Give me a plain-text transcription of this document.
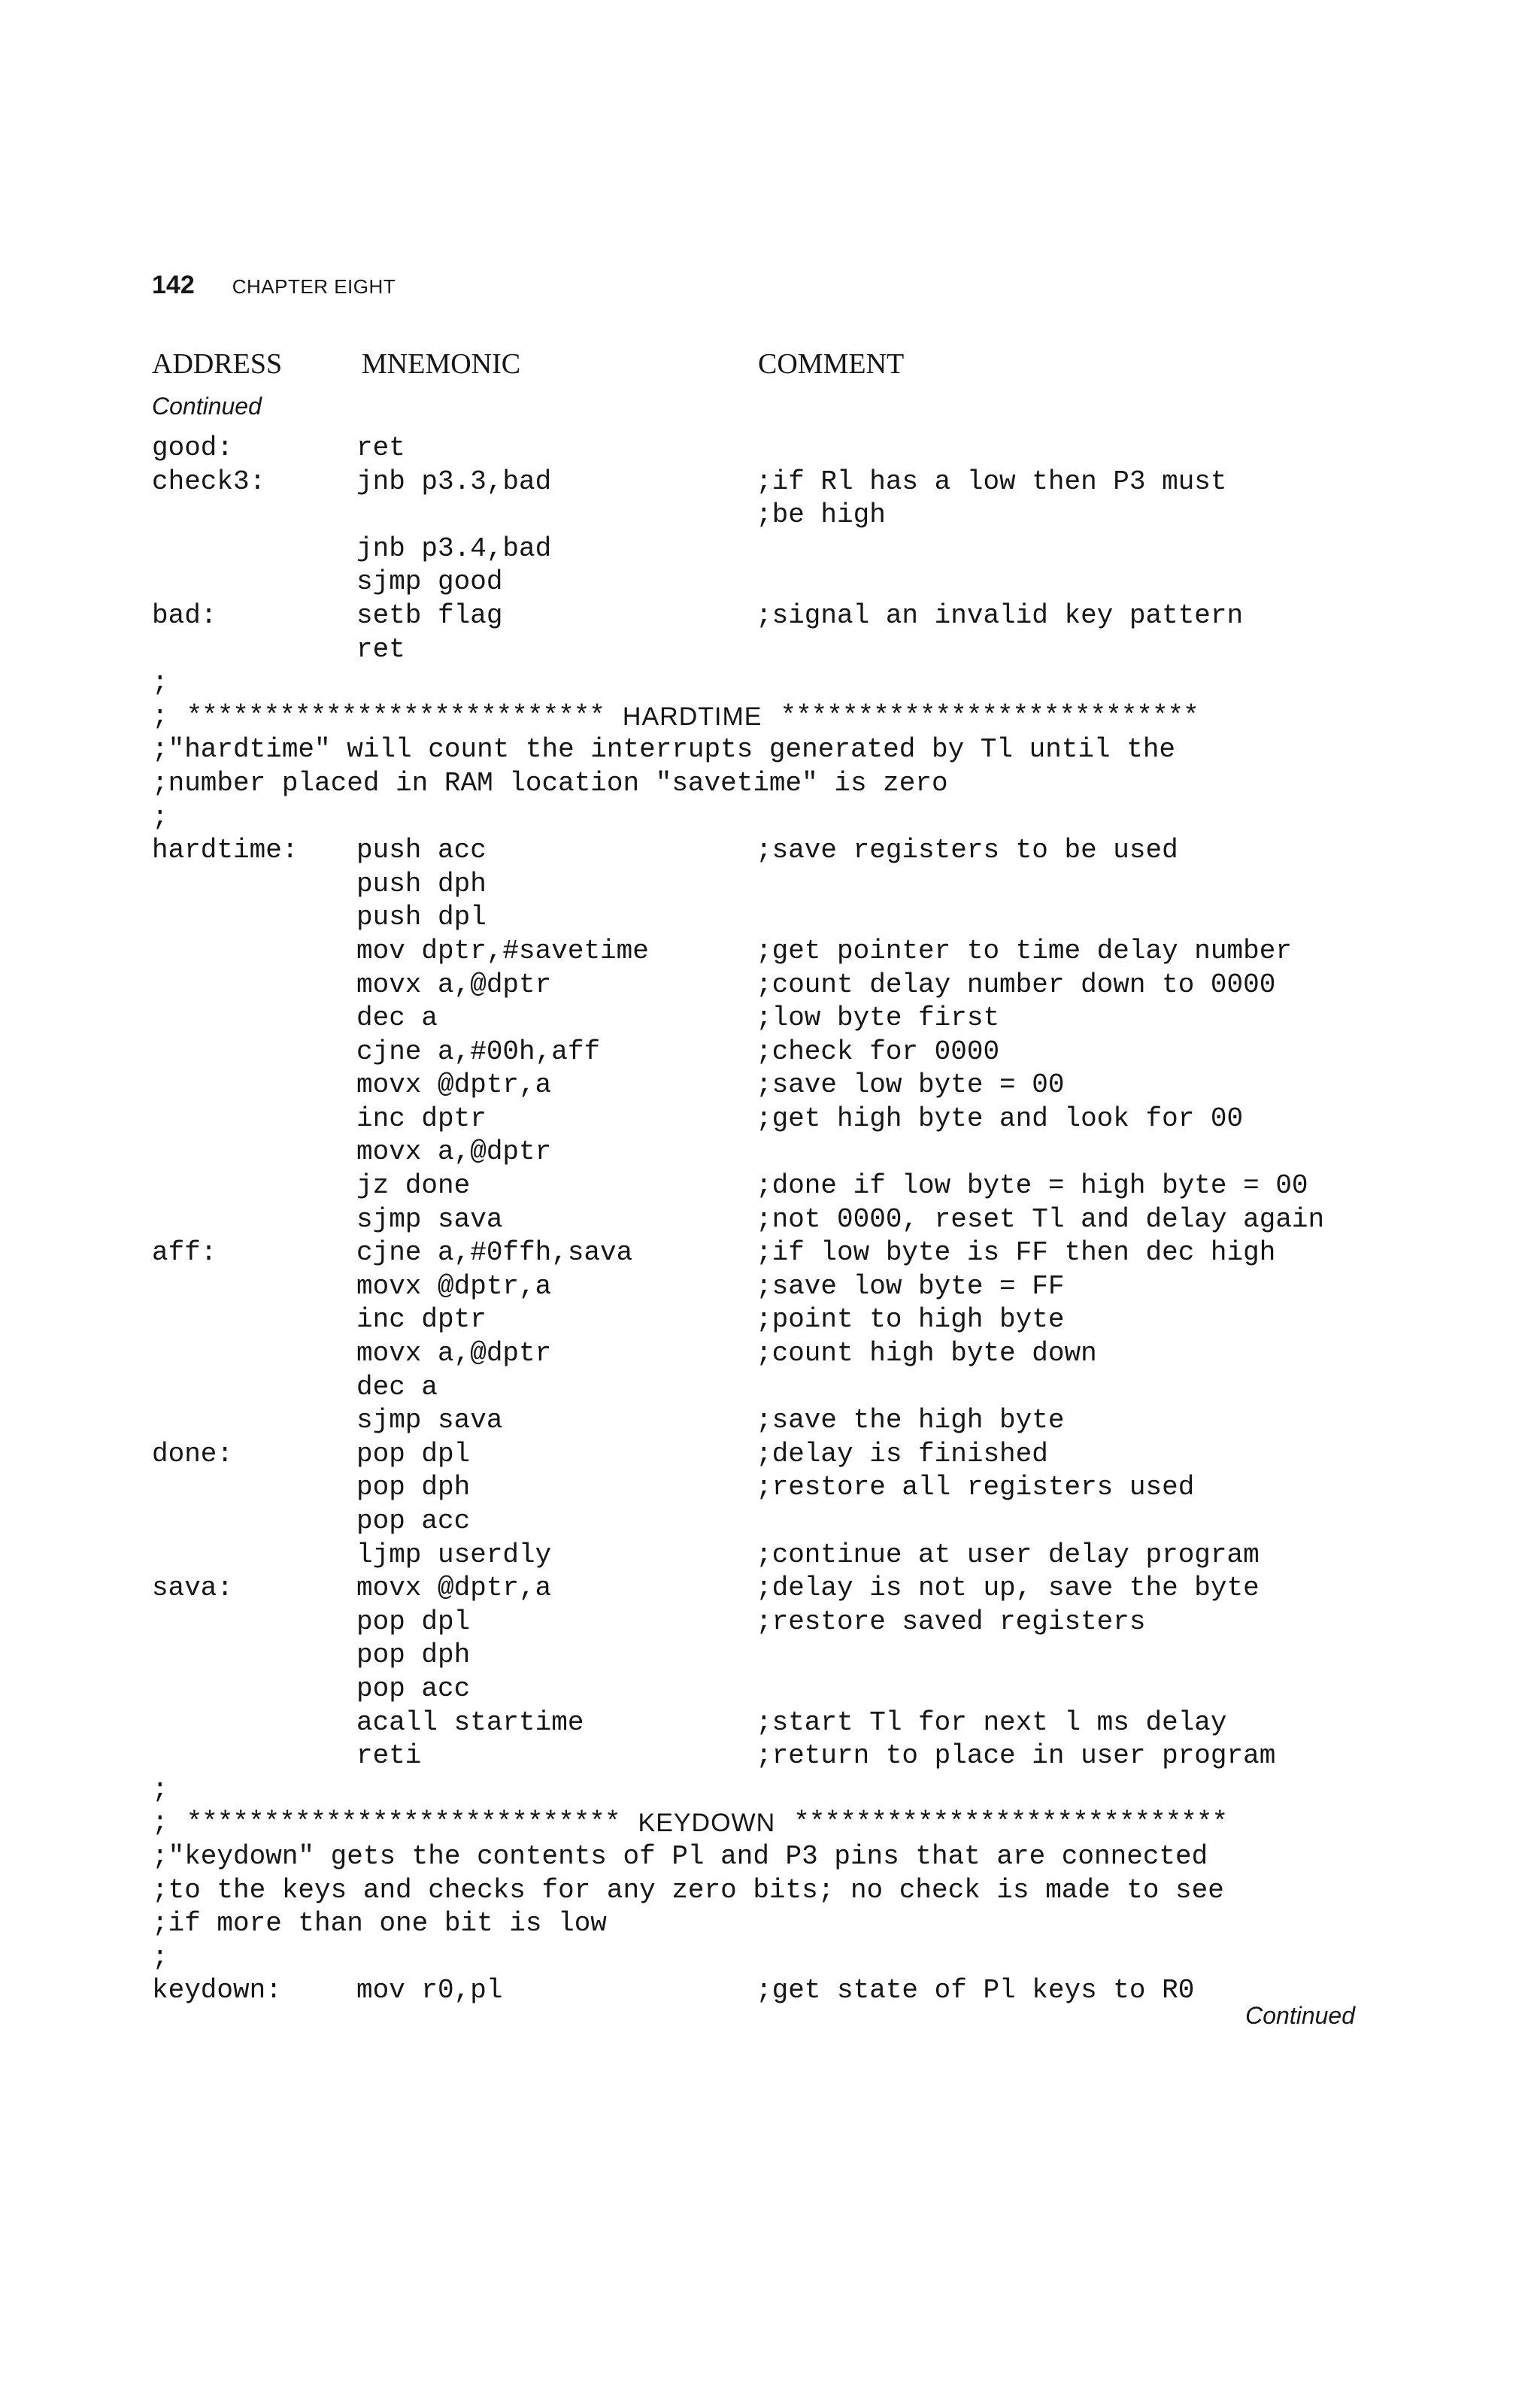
142 CHAPTER EIGHT
ADDRESS	MNEMONIC	COMMENT
Continued
good:	ret
check3:	jnb p3.3,bad	;if Rl has a low then P3 must
;be high
jnb p3.4,bad
sjmp good
bad:	setb flag	;signal an invalid key pattern
ret
;
; *************************** HARDTIME ***************************
;"hardtime" will count the interrupts generated by Tl until the
;number placed in RAM location "savetime" is zero
;
hardtime: push acc	;save registers to be used
push dph
push dpl
mov dptr,#savetime	;get pointer to time delay number
movx a,@dptr	;count delay number down to 0000
dec a	;low byte first
cjne a,#00h,aff	;check for 0000
movx @dptr,a	;save low byte = 00
inc dptr	;get high byte and look for 00
movx a,@dptr
jz done	;done if low byte = high byte = 00
sjmp sava	;not 0000, reset Tl and delay again
aff:	cjne a,#0ffh,sava	;if low byte is FF then dec high
movx @dptr,a	;save low byte = FF
inc dptr	;point to high byte
movx a,@dptr	;count high byte down
dec a
sjmp sava	;save the high byte
done:	pop dpl	;delay is finished
pop dph	;restore all registers used
pop acc
ljmp userdly	;continue at user delay program
sava:	movx @dptr,a	;delay is not up, save the byte
pop dpl	;restore saved registers
pop dph
pop acc
acall startime	;start Tl for next l ms delay
reti	;return to place in user program
;
; **************************** KEYDOWN ****************************
;"keydown" gets the contents of Pl and P3 pins that are connected
;to the keys and checks for any zero bits; no check is made to see
;if more than one bit is low
;
keydown:	mov r0,pl	;get state of Pl keys to R0
Continued
